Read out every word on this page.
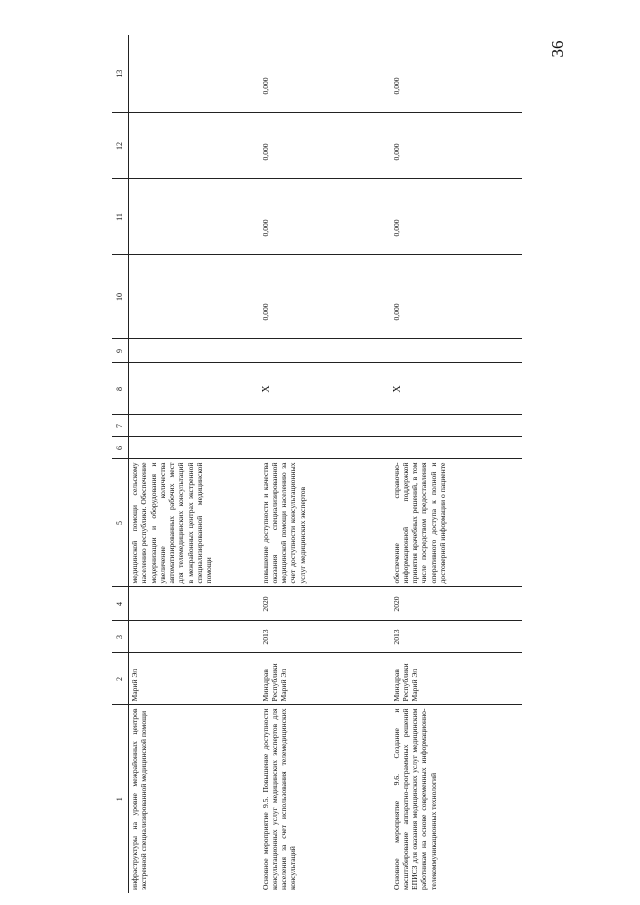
36
1	2	3	4	5	6	7	8	9	10	11	12	13
инфраструктуры на уровне межрайонных центров экстренной специализированной медицинской помощи	Марий Эл			медицинской помощи сельскому населению республики. Обеспечение модернизации и оборудования и увеличение количества автоматизированных рабочих мест для телемедицинских консультаций в межрайонных центрах экстренной специализированной медицинской помощи								
Основное мероприятие 9.5. Повышение доступности консультационных услуг медицинских экспертов для населения за счет использования телемедицинских консультаций	Минздрав Республики Марий Эл	2013	2020	повышение доступности и качества оказания специализированной медицинской помощи населению за счет доступности консультационных услуг медицинских экспертов			X		0,000	0,000	0,000	0,000
Основное мероприятие 9.6. Создание и масштабирование аппаратно-программных решений ЕПИСЗ для оказания медицинских услуг медицинским работникам на основе современных информационно-телекоммуникационных технологий	Минздрав Республики Марий Эл	2013	2020	обеспечение справочно-информационной поддержкой принятия врачебных решений, в том числе посредством предоставления оперативного доступа к полной и достоверной информации о пациенте			X		0,000	0,000	0,000	0,000
